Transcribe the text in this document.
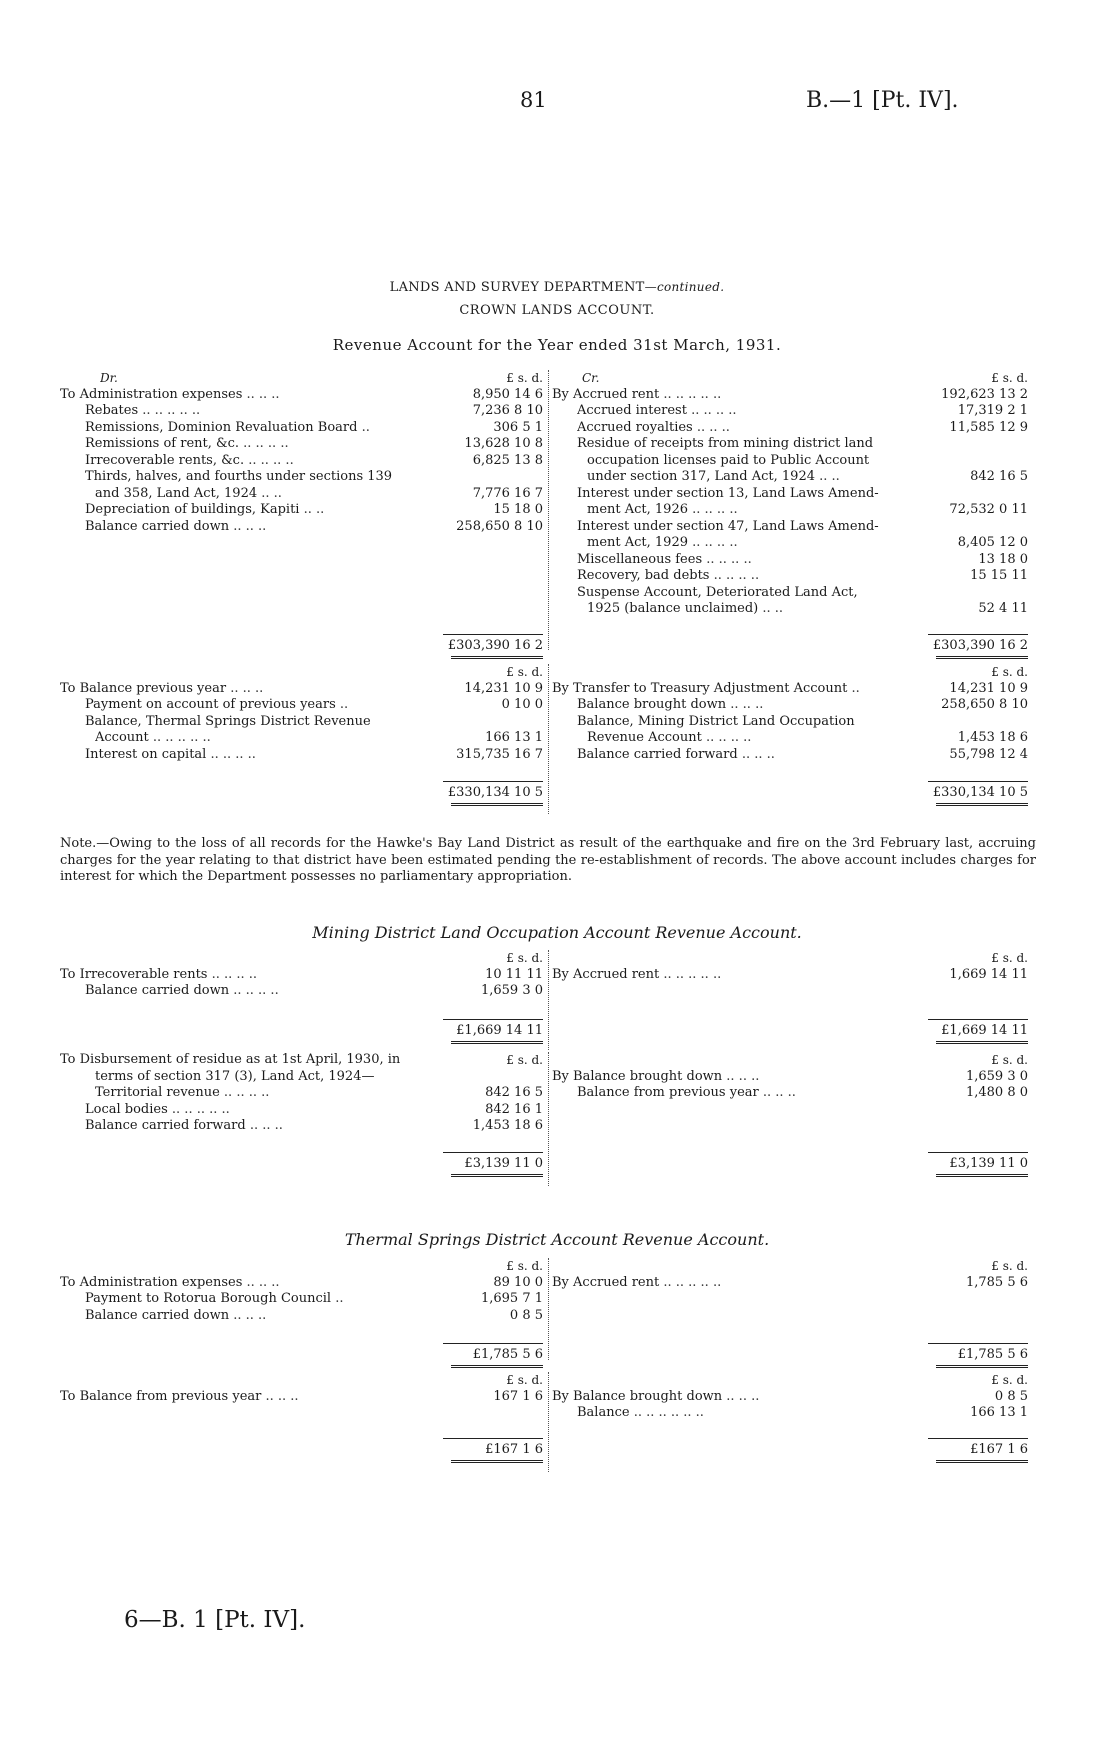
81	B.—1 [Pt. IV].
LANDS AND SURVEY DEPARTMENT—continued.
CROWN LANDS ACCOUNT.
Revenue Account for the Year ended 31st March, 1931.
Dr.	£ s. d.
To Administration expenses .. .. ..	8,950 14 6
Rebates .. .. .. .. ..	7,236 8 10
Remissions, Dominion Revaluation Board ..	306 5 1
Remissions of rent, &c. .. .. .. ..	13,628 10 8
Irrecoverable rents, &c. .. .. .. ..	6,825 13 8
Thirds, halves, and fourths under sections 139
and 358, Land Act, 1924 .. ..	7,776 16 7
Depreciation of buildings, Kapiti .. ..	15 18 0
Balance carried down .. .. ..	258,650 8 10
Cr.	£ s. d.
By Accrued rent .. .. .. .. ..	192,623 13 2
Accrued interest .. .. .. ..	17,319 2 1
Accrued royalties .. .. ..	11,585 12 9
Residue of receipts from mining district land
occupation licenses paid to Public Account
under section 317, Land Act, 1924 .. ..	842 16 5
Interest under section 13, Land Laws Amend-
ment Act, 1926 .. .. .. ..	72,532 0 11
Interest under section 47, Land Laws Amend-
ment Act, 1929 .. .. .. ..	8,405 12 0
Miscellaneous fees .. .. .. ..	13 18 0
Recovery, bad debts .. .. .. ..	15 15 11
Suspense Account, Deteriorated Land Act,
1925 (balance unclaimed) .. ..	52 4 11
£303,390 16 2	£303,390 16 2
£ s. d.
To Balance previous year .. .. ..	14,231 10 9
Payment on account of previous years ..	0 10 0
Balance, Thermal Springs District Revenue
Account .. .. .. .. ..	166 13 1
Interest on capital .. .. .. ..	315,735 16 7
£ s. d.
By Transfer to Treasury Adjustment Account ..	14,231 10 9
Balance brought down .. .. ..	258,650 8 10
Balance, Mining District Land Occupation
Revenue Account .. .. .. ..	1,453 18 6
Balance carried forward .. .. ..	55,798 12 4
£330,134 10 5	£330,134 10 5
Note.—Owing to the loss of all records for the Hawke's Bay Land District as result of the earthquake and fire on the 3rd February last, accruing charges for the year relating to that district have been estimated pending the re-establishment of records. The above account includes charges for interest for which the Department possesses no parliamentary appropriation.
Mining District Land Occupation Account Revenue Account.
£ s. d.
To Irrecoverable rents .. .. .. ..	10 11 11
Balance carried down .. .. .. ..	1,659 3 0
£ s. d.
By Accrued rent .. .. .. .. ..	1,669 14 11
£1,669 14 11	£1,669 14 11
£ s. d.
To Disbursement of residue as at 1st April, 1930, in
terms of section 317 (3), Land Act, 1924—
Territorial revenue .. .. .. ..	842 16 5
Local bodies .. .. .. .. ..	842 16 1
Balance carried forward .. .. ..	1,453 18 6
£ s. d.
By Balance brought down .. .. ..	1,659 3 0
Balance from previous year .. .. ..	1,480 8 0
£3,139 11 0	£3,139 11 0
Thermal Springs District Account Revenue Account.
£ s. d.
To Administration expenses .. .. ..	89 10 0
Payment to Rotorua Borough Council ..	1,695 7 1
Balance carried down .. .. ..	0 8 5
£ s. d.
By Accrued rent .. .. .. .. ..	1,785 5 6
£1,785 5 6	£1,785 5 6
£ s. d.
To Balance from previous year .. .. ..	167 1 6
£ s. d.
By Balance brought down .. .. ..	0 8 5
Balance .. .. .. .. .. ..	166 13 1
£167 1 6	£167 1 6
6—B. 1 [Pt. IV].
